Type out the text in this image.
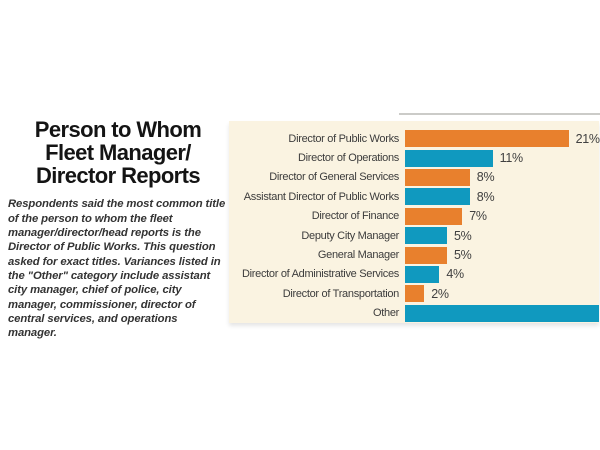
Person to Whom
Fleet Manager/
Director Reports
Respondents said the most common title of the person to whom the fleet manager/director/head reports is the Director of Public Works. This question asked for exact titles. Variances listed in the "Other" category include assistant city manager, chief of police, city manager, commissioner, director of central services, and operations manager.
Director of Public Works	21%
Director of Operations	11%
Director of General Services	8%
Assistant Director of Public Works	8%
Director of Finance	7%
Deputy City Manager	5%
General Manager	5%
Director of Administrative Services	4%
Director of Transportation	2%
Other
